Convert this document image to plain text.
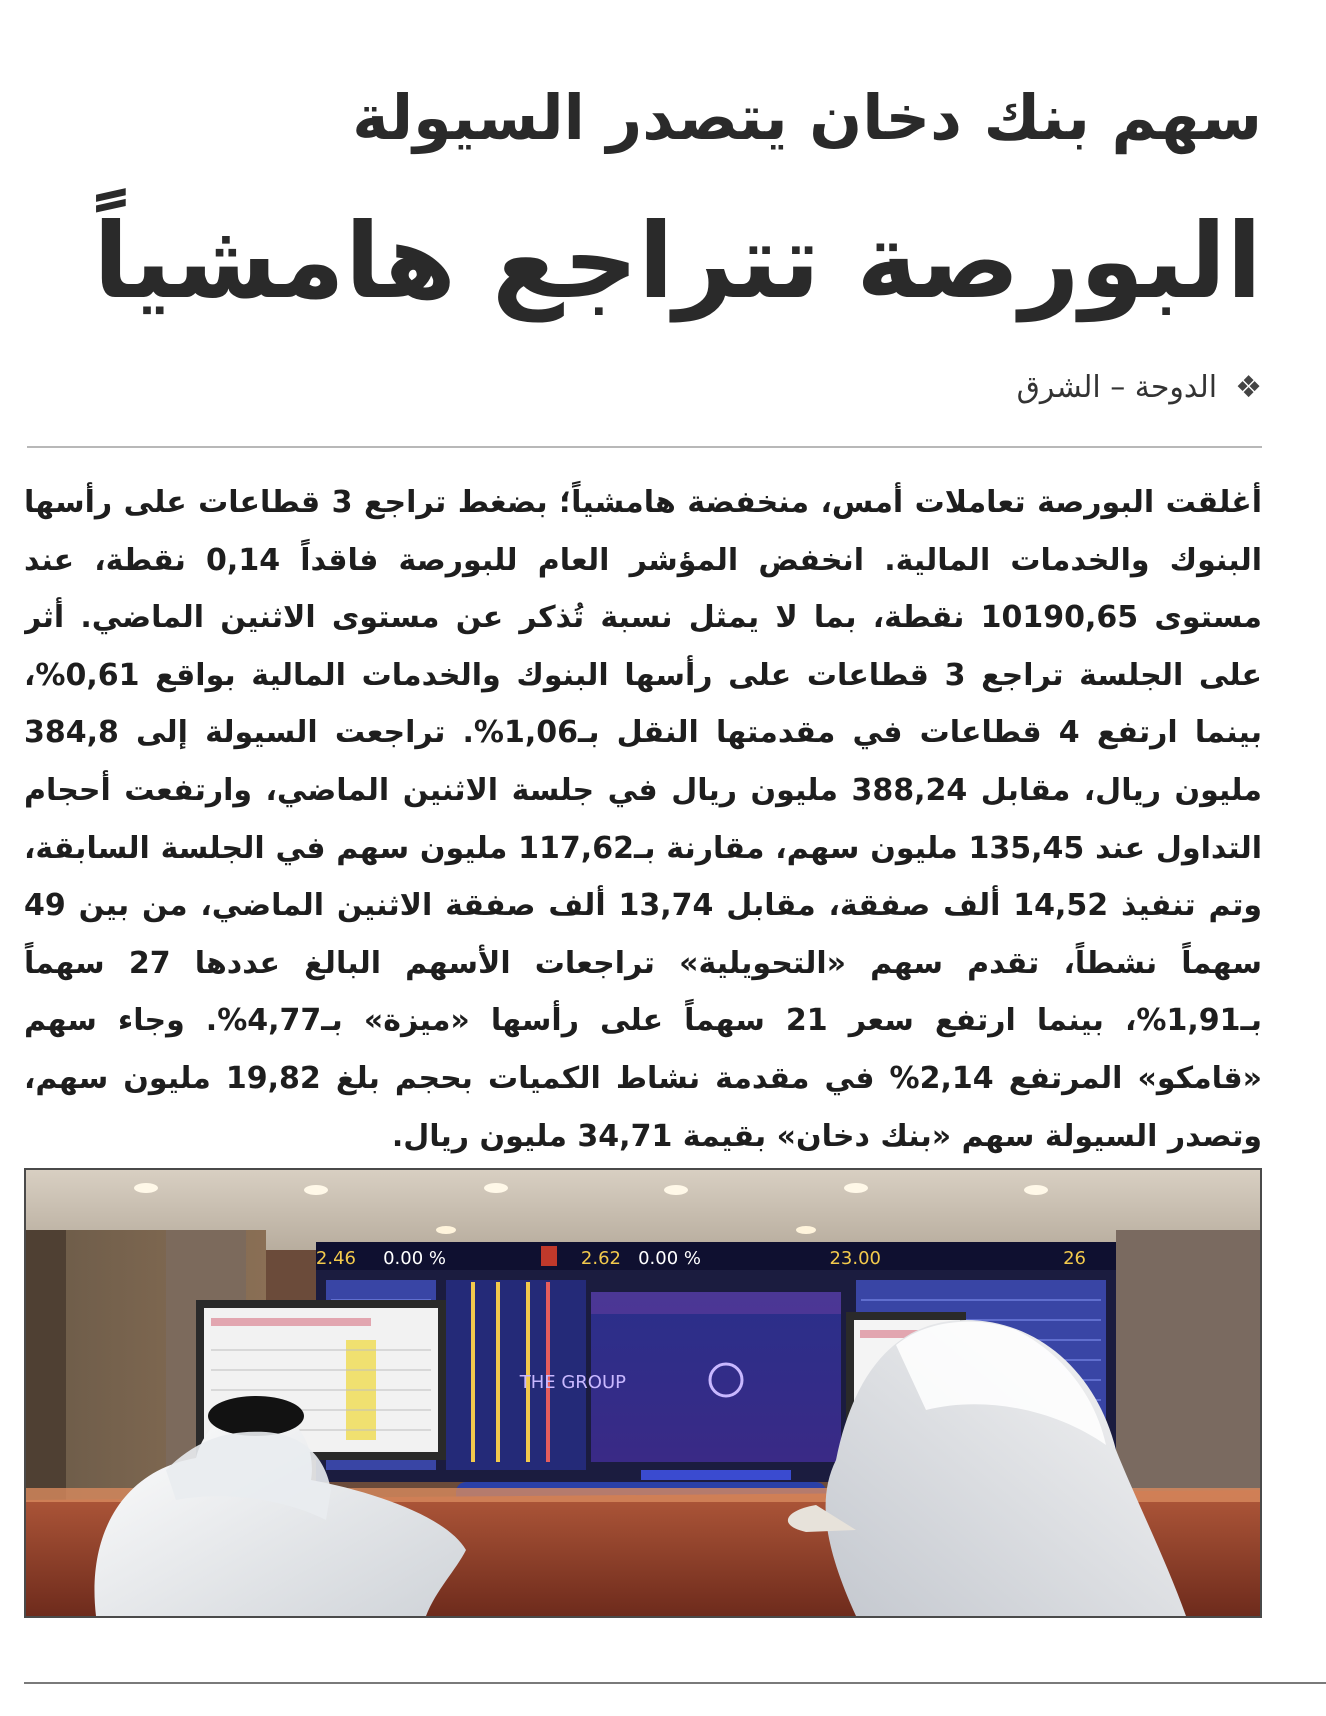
سهم بنك دخان يتصدر السيولة
البورصة تتراجع هامشياً
❖الدوحة – الشرق

أغلقت البورصة تعاملات أمس، منخفضة هامشياً؛ بضغط تراجع 3 قطاعات على رأسها البنوك والخدمات المالية. انخفض المؤشر العام للبورصة فاقداً 0,14 نقطة، عند مستوى 10190,65 نقطة، بما لا يمثل نسبة تُذكر عن مستوى الاثنين الماضي. أثر على الجلسة تراجع 3 قطاعات على رأسها البنوك والخدمات المالية بواقع 0,61%، بينما ارتفع 4 قطاعات في مقدمتها النقل بـ1,06%. تراجعت السيولة إلى 384,8 مليون ريال، مقابل 388,24 مليون ريال في جلسة الاثنين الماضي، وارتفعت أحجام التداول عند 135,45 مليون سهم، مقارنة بـ117,62 مليون سهم في الجلسة السابقة، وتم تنفيذ 14,52 ألف صفقة، مقابل 13,74 ألف صفقة الاثنين الماضي، من بين 49 سهماً نشطاً، تقدم سهم «التحويلية» تراجعات الأسهم البالغ عددها 27 سهماً بـ1,91%، بينما ارتفع سعر 21 سهماً على رأسها «ميزة» بـ4,77%. وجاء سهم «قامكو» المرتفع 2,14% في مقدمة نشاط الكميات بحجم بلغ 19,82 مليون سهم، وتصدر السيولة سهم «بنك دخان» بقيمة 34,71 مليون ريال.

2.46 % 0.00	2.62 % 0.00	23.00	26
THE GROUP
